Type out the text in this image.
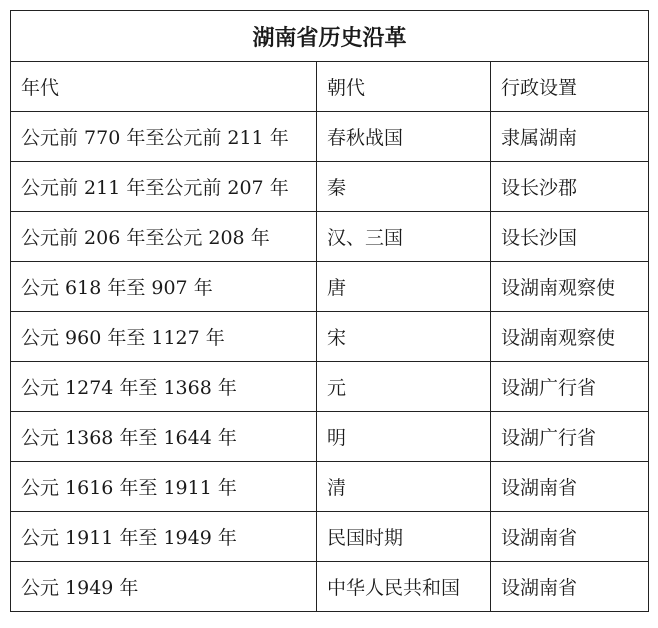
湖南省历史沿革		
年代	朝代	行政设置
公元前 770 年至公元前 211 年	春秋战国	隶属湖南
公元前 211 年至公元前 207 年	秦	设长沙郡
公元前 206 年至公元 208 年	汉、三国	设长沙国
公元 618 年至 907 年	唐	设湖南观察使
公元 960 年至 1127 年	宋	设湖南观察使
公元 1274 年至 1368 年	元	设湖广行省
公元 1368 年至 1644 年	明	设湖广行省
公元 1616 年至 1911 年	清	设湖南省
公元 1911 年至 1949 年	民国时期	设湖南省
公元 1949 年	中华人民共和国	设湖南省
